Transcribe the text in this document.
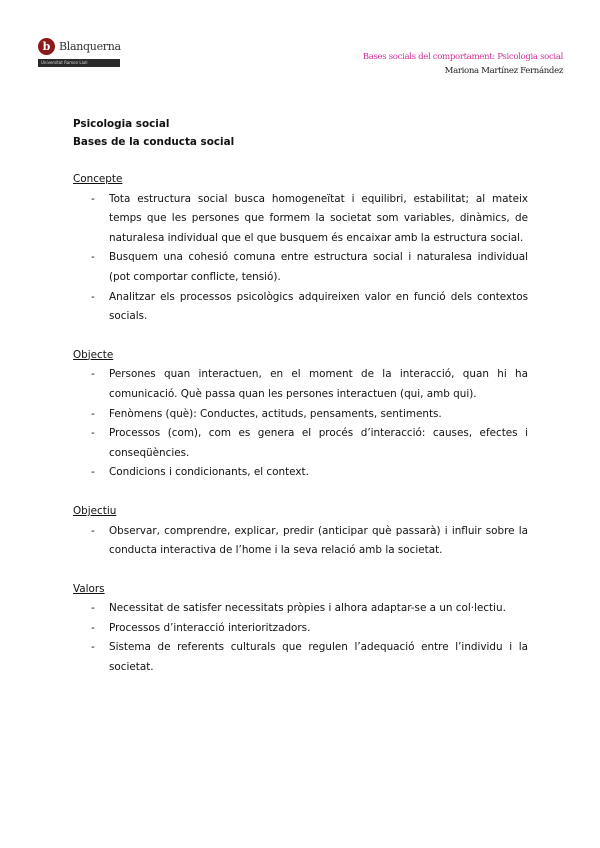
b Blanquerna
Universitat Ramon Llull
Bases socials del comportament: Psicologia social
Mariona Martínez Fernández
Psicologia social
Bases de la conducta social
Concepte
- Tota estructura social busca homogeneïtat i equilibri, estabilitat; al mateix temps que les persones que formem la societat som variables, dinàmics, de naturalesa individual que el que busquem és encaixar amb la estructura social.
- Busquem una cohesió comuna entre estructura social i naturalesa individual (pot comportar conflicte, tensió).
- Analitzar els processos psicològics adquireixen valor en funció dels contextos socials.
Objecte
- Persones quan interactuen, en el moment de la interacció, quan hi ha comunicació. Què passa quan les persones interactuen (qui, amb qui).
- Fenòmens (què): Conductes, actituds, pensaments, sentiments.
- Processos (com), com es genera el procés d’interacció: causes, efectes i conseqüències.
- Condicions i condicionants, el context.
Objectiu
- Observar, comprendre, explicar, predir (anticipar què passarà) i influir sobre la conducta interactiva de l’home i la seva relació amb la societat.
Valors
- Necessitat de satisfer necessitats pròpies i alhora adaptar-se a un col·lectiu.
- Processos d’interacció interioritzadors.
- Sistema de referents culturals que regulen l’adequació entre l’individu i la societat.
